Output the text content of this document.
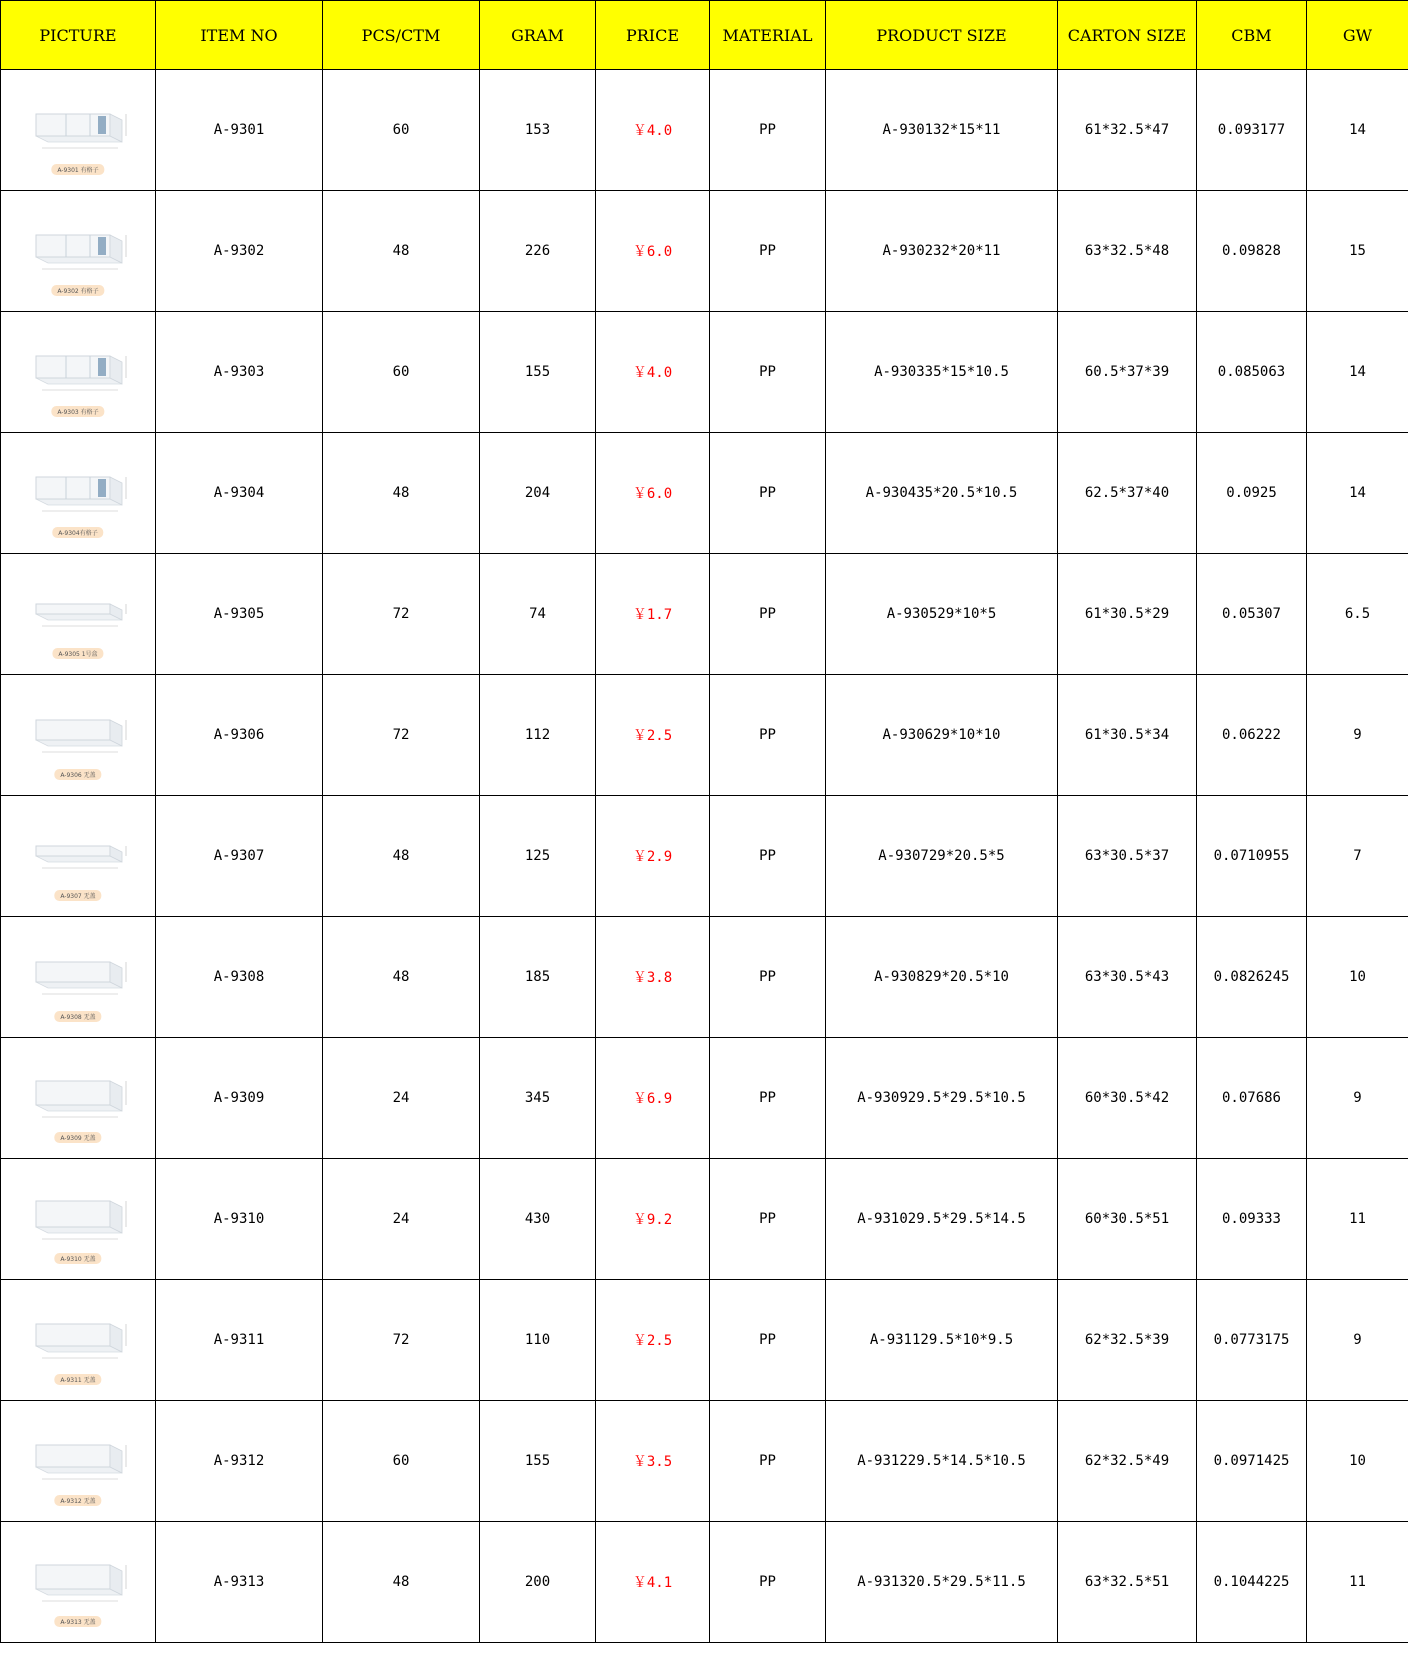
PICTURE	ITEM NO	PCS/CTM	GRAM	PRICE	MATERIAL	PRODUCT SIZE	CARTON SIZE	CBM	GW

A-9301 有格子	A-9301	60	153	￥4.0	PP	A-930132*15*11	61*32.5*47	0.093177	14

A-9302 有格子	A-9302	48	226	￥6.0	PP	A-930232*20*11	63*32.5*48	0.09828	15

A-9303 有格子	A-9303	60	155	￥4.0	PP	A-930335*15*10.5	60.5*37*39	0.085063	14

A-9304有格子	A-9304	48	204	￥6.0	PP	A-930435*20.5*10.5	62.5*37*40	0.0925	14

A-9305 1号盒	A-9305	72	74	￥1.7	PP	A-930529*10*5	61*30.5*29	0.05307	6.5

A-9306 无盖	A-9306	72	112	￥2.5	PP	A-930629*10*10	61*30.5*34	0.06222	9

A-9307 无盖	A-9307	48	125	￥2.9	PP	A-930729*20.5*5	63*30.5*37	0.0710955	7

A-9308 无盖	A-9308	48	185	￥3.8	PP	A-930829*20.5*10	63*30.5*43	0.0826245	10

A-9309 无盖	A-9309	24	345	￥6.9	PP	A-930929.5*29.5*10.5	60*30.5*42	0.07686	9

A-9310 无盖	A-9310	24	430	￥9.2	PP	A-931029.5*29.5*14.5	60*30.5*51	0.09333	11

A-9311 无盖	A-9311	72	110	￥2.5	PP	A-931129.5*10*9.5	62*32.5*39	0.0773175	9

A-9312 无盖	A-9312	60	155	￥3.5	PP	A-931229.5*14.5*10.5	62*32.5*49	0.0971425	10

A-9313 无盖	A-9313	48	200	￥4.1	PP	A-931320.5*29.5*11.5	63*32.5*51	0.1044225	11
